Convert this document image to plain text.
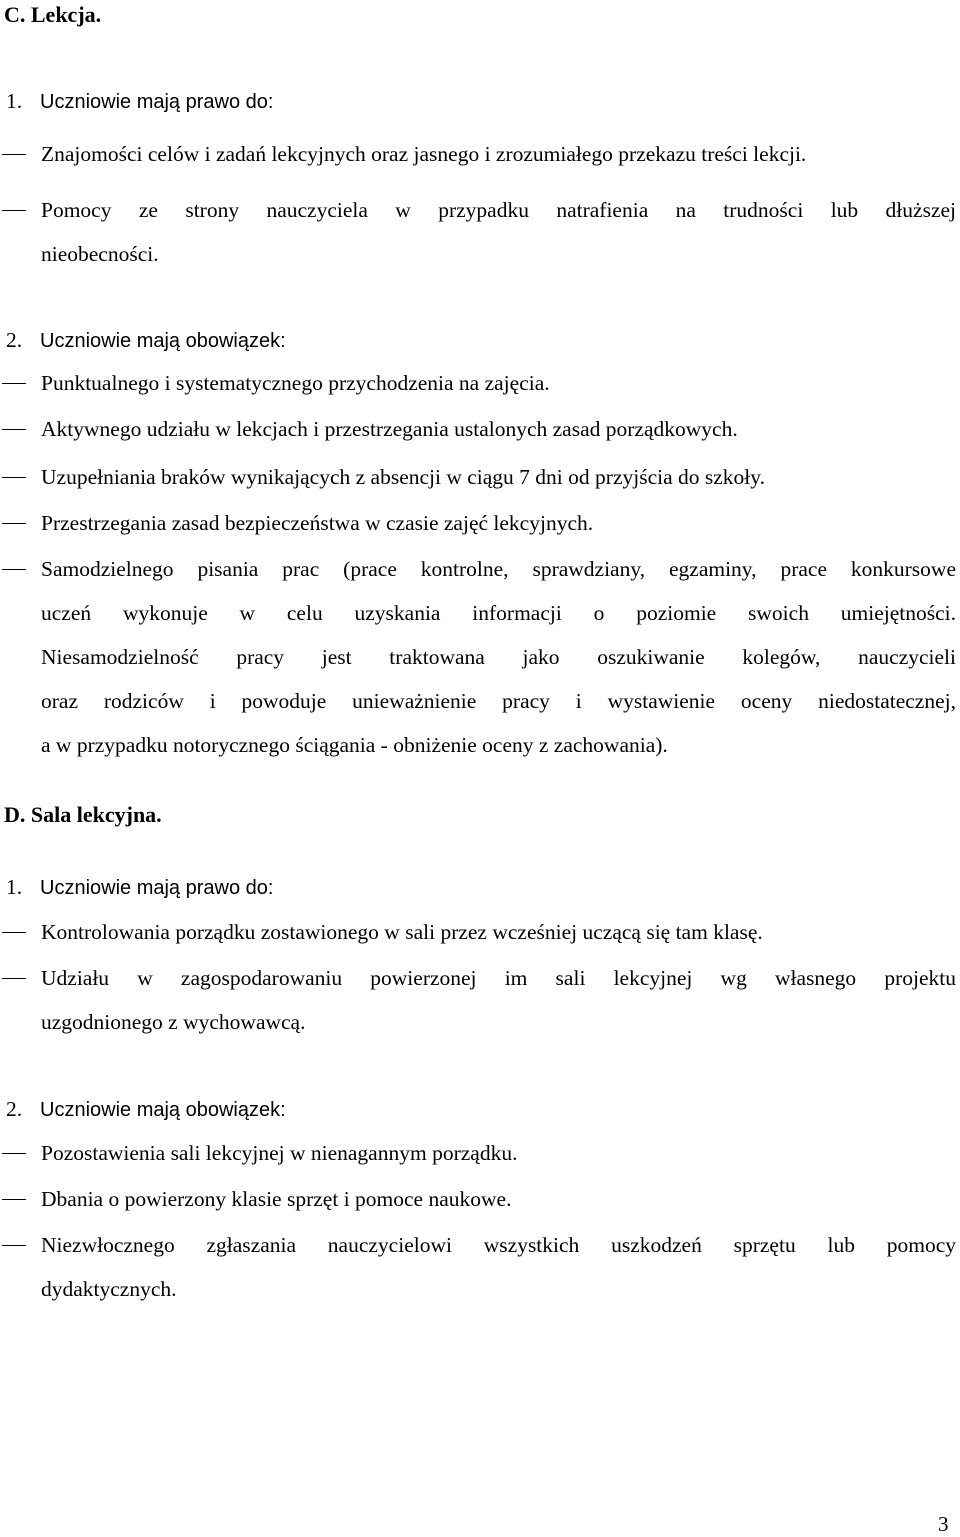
C. Lekcja.
1. Uczniowie mają prawo do:
Znajomości celów i zadań lekcyjnych oraz jasnego i zrozumiałego przekazu treści lekcji.
Pomocy ze strony nauczyciela w przypadku natrafienia na trudności lub dłuższej
nieobecności.
2. Uczniowie mają obowiązek:
Punktualnego i systematycznego przychodzenia na zajęcia.
Aktywnego udziału w lekcjach i przestrzegania ustalonych zasad porządkowych.
Uzupełniania braków wynikających z absencji w ciągu 7 dni od przyjścia do szkoły.
Przestrzegania zasad bezpieczeństwa w czasie zajęć lekcyjnych.
Samodzielnego pisania prac (prace kontrolne, sprawdziany, egzaminy, prace konkursowe
uczeń wykonuje w celu uzyskania informacji o poziomie swoich umiejętności.
Niesamodzielność pracy jest traktowana jako oszukiwanie kolegów, nauczycieli
oraz rodziców i powoduje unieważnienie pracy i wystawienie oceny niedostatecznej,
a w przypadku notorycznego ściągania - obniżenie oceny z zachowania).
D. Sala lekcyjna.
1. Uczniowie mają prawo do:
Kontrolowania porządku zostawionego w sali przez wcześniej uczącą się tam klasę.
Udziału w zagospodarowaniu powierzonej im sali lekcyjnej wg własnego projektu
uzgodnionego z wychowawcą.
2. Uczniowie mają obowiązek:
Pozostawienia sali lekcyjnej w nienagannym porządku.
Dbania o powierzony klasie sprzęt i pomoce naukowe.
Niezwłocznego zgłaszania nauczycielowi wszystkich uszkodzeń sprzętu lub pomocy
dydaktycznych.
3
